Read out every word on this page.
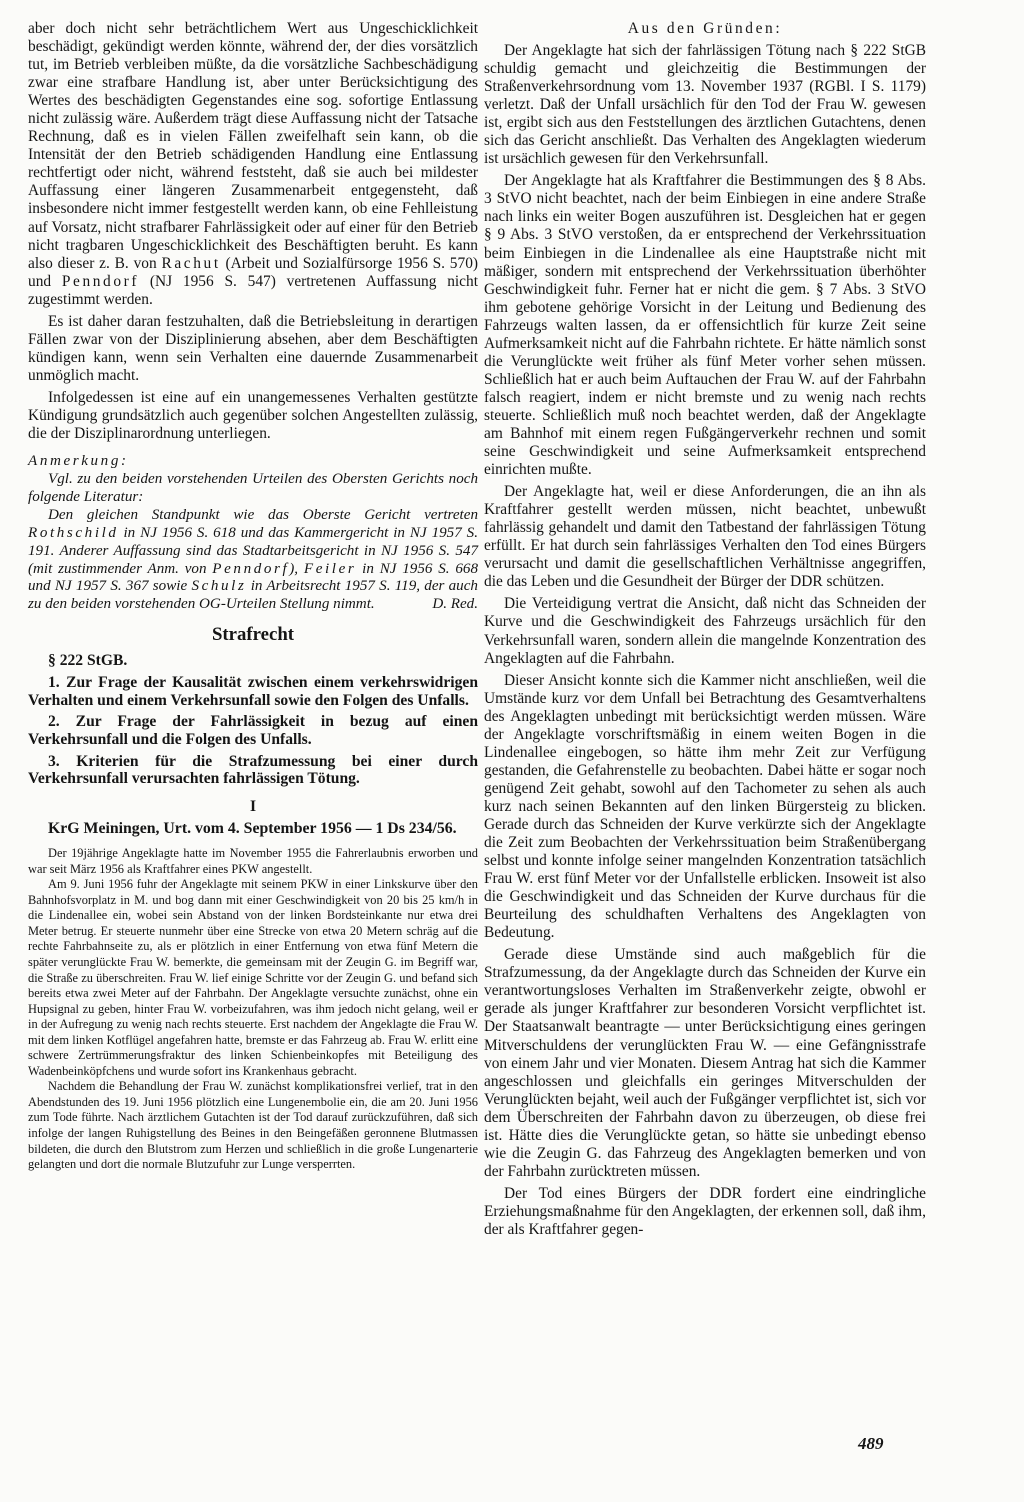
aber doch nicht sehr beträchtlichem Wert aus Ungeschicklichkeit beschädigt, gekündigt werden könnte, während der, der dies vorsätzlich tut, im Betrieb verbleiben müßte, da die vorsätzliche Sachbeschädigung zwar eine strafbare Handlung ist, aber unter Berücksichtigung des Wertes des beschädigten Gegenstandes eine sog. sofortige Entlassung nicht zulässig wäre. Außerdem trägt diese Auffassung nicht der Tatsache Rechnung, daß es in vielen Fällen zweifelhaft sein kann, ob die Intensität der den Betrieb schädigenden Handlung eine Entlassung rechtfertigt oder nicht, während feststeht, daß sie auch bei mildester Auffassung einer längeren Zusammenarbeit entgegensteht, daß insbesondere nicht immer festgestellt werden kann, ob eine Fehlleistung auf Vorsatz, nicht strafbarer Fahrlässigkeit oder auf einer für den Betrieb nicht tragbaren Ungeschicklichkeit des Beschäftigten beruht. Es kann also dieser z. B. von Rachut (Arbeit und Sozialfürsorge 1956 S. 570) und Penndorf (NJ 1956 S. 547) vertretenen Auffassung nicht zugestimmt werden.

Es ist daher daran festzuhalten, daß die Betriebsleitung in derartigen Fällen zwar von der Disziplinierung absehen, aber dem Beschäftigten kündigen kann, wenn sein Verhalten eine dauernde Zusammenarbeit unmöglich macht.

Infolgedessen ist eine auf ein unangemessenes Verhalten gestützte Kündigung grundsätzlich auch gegenüber solchen Angestellten zulässig, die der Disziplinarordnung unterliegen.

Anmerkung:

Vgl. zu den beiden vorstehenden Urteilen des Obersten Gerichts noch folgende Literatur:

Den gleichen Standpunkt wie das Oberste Gericht vertreten Rothschild in NJ 1956 S. 618 und das Kammergericht in NJ 1957 S. 191. Anderer Auffassung sind das Stadtarbeitsgericht in NJ 1956 S. 547 (mit zustimmender Anm. von Penndorf), Feiler in NJ 1956 S. 668 und NJ 1957 S. 367 sowie Schulz in Arbeitsrecht 1957 S. 119, der auch zu den beiden vorstehenden OG-Urteilen Stellung nimmt.	D. Red.

Strafrecht

§ 222 StGB.

1. Zur Frage der Kausalität zwischen einem verkehrswidrigen Verhalten und einem Verkehrsunfall sowie den Folgen des Unfalls.

2. Zur Frage der Fahrlässigkeit in bezug auf einen Verkehrsunfall und die Folgen des Unfalls.

3. Kriterien für die Strafzumessung bei einer durch Verkehrsunfall verursachten fahrlässigen Tötung.

I

KrG Meiningen, Urt. vom 4. September 1956 — 1 Ds 234/56.

Der 19jährige Angeklagte hatte im November 1955 die Fahrerlaubnis erworben und war seit März 1956 als Kraftfahrer eines PKW angestellt.

Am 9. Juni 1956 fuhr der Angeklagte mit seinem PKW in einer Linkskurve über den Bahnhofsvorplatz in M. und bog dann mit einer Geschwindigkeit von 20 bis 25 km/h in die Lindenallee ein, wobei sein Abstand von der linken Bordsteinkante nur etwa drei Meter betrug. Er steuerte nunmehr über eine Strecke von etwa 20 Metern schräg auf die rechte Fahrbahnseite zu, als er plötzlich in einer Entfernung von etwa fünf Metern die später verunglückte Frau W. bemerkte, die gemeinsam mit der Zeugin G. im Begriff war, die Straße zu überschreiten. Frau W. lief einige Schritte vor der Zeugin G. und befand sich bereits etwa zwei Meter auf der Fahrbahn. Der Angeklagte versuchte zunächst, ohne ein Hupsignal zu geben, hinter Frau W. vorbeizufahren, was ihm jedoch nicht gelang, weil er in der Aufregung zu wenig nach rechts steuerte. Erst nachdem der Angeklagte die Frau W. mit dem linken Kotflügel angefahren hatte, bremste er das Fahrzeug ab. Frau W. erlitt eine schwere Zertrümmerungsfraktur des linken Schienbeinkopfes mit Beteiligung des Wadenbeinköpfchens und wurde sofort ins Krankenhaus gebracht.

Nachdem die Behandlung der Frau W. zunächst komplikationsfrei verlief, trat in den Abendstunden des 19. Juni 1956 plötzlich eine Lungenembolie ein, die am 20. Juni 1956 zum Tode führte. Nach ärztlichem Gutachten ist der Tod darauf zurückzuführen, daß sich infolge der langen Ruhigstellung des Beines in den Beingefäßen geronnene Blutmassen bildeten, die durch den Blutstrom zum Herzen und schließlich in die große Lungenarterie gelangten und dort die normale Blutzufuhr zur Lunge versperrten.

Aus den Gründen:

Der Angeklagte hat sich der fahrlässigen Tötung nach § 222 StGB schuldig gemacht und gleichzeitig die Bestimmungen der Straßenverkehrsordnung vom 13. November 1937 (RGBl. I S. 1179) verletzt. Daß der Unfall ursächlich für den Tod der Frau W. gewesen ist, ergibt sich aus den Feststellungen des ärztlichen Gutachtens, denen sich das Gericht anschließt. Das Verhalten des Angeklagten wiederum ist ursächlich gewesen für den Verkehrsunfall.

Der Angeklagte hat als Kraftfahrer die Bestimmungen des § 8 Abs. 3 StVO nicht beachtet, nach der beim Einbiegen in eine andere Straße nach links ein weiter Bogen auszuführen ist. Desgleichen hat er gegen § 9 Abs. 3 StVO verstoßen, da er entsprechend der Verkehrssituation beim Einbiegen in die Lindenallee als eine Hauptstraße nicht mit mäßiger, sondern mit entsprechend der Verkehrssituation überhöhter Geschwindigkeit fuhr. Ferner hat er nicht die gem. § 7 Abs. 3 StVO ihm gebotene gehörige Vorsicht in der Leitung und Bedienung des Fahrzeugs walten lassen, da er offensichtlich für kurze Zeit seine Aufmerksamkeit nicht auf die Fahrbahn richtete. Er hätte nämlich sonst die Verunglückte weit früher als fünf Meter vorher sehen müssen. Schließlich hat er auch beim Auftauchen der Frau W. auf der Fahrbahn falsch reagiert, indem er nicht bremste und zu wenig nach rechts steuerte. Schließlich muß noch beachtet werden, daß der Angeklagte am Bahnhof mit einem regen Fußgängerverkehr rechnen und somit seine Geschwindigkeit und seine Aufmerksamkeit entsprechend einrichten mußte.

Der Angeklagte hat, weil er diese Anforderungen, die an ihn als Kraftfahrer gestellt werden müssen, nicht beachtet, unbewußt fahrlässig gehandelt und damit den Tatbestand der fahrlässigen Tötung erfüllt. Er hat durch sein fahrlässiges Verhalten den Tod eines Bürgers verursacht und damit die gesellschaftlichen Verhältnisse angegriffen, die das Leben und die Gesundheit der Bürger der DDR schützen.

Die Verteidigung vertrat die Ansicht, daß nicht das Schneiden der Kurve und die Geschwindigkeit des Fahrzeugs ursächlich für den Verkehrsunfall waren, sondern allein die mangelnde Konzentration des Angeklagten auf die Fahrbahn.

Dieser Ansicht konnte sich die Kammer nicht anschließen, weil die Umstände kurz vor dem Unfall bei Betrachtung des Gesamtverhaltens des Angeklagten unbedingt mit berücksichtigt werden müssen. Wäre der Angeklagte vorschriftsmäßig in einem weiten Bogen in die Lindenallee eingebogen, so hätte ihm mehr Zeit zur Verfügung gestanden, die Gefahrenstelle zu beobachten. Dabei hätte er sogar noch genügend Zeit gehabt, sowohl auf den Tachometer zu sehen als auch kurz nach seinen Bekannten auf den linken Bürgersteig zu blicken. Gerade durch das Schneiden der Kurve verkürzte sich der Angeklagte die Zeit zum Beobachten der Verkehrssituation beim Straßenübergang selbst und konnte infolge seiner mangelnden Konzentration tatsächlich Frau W. erst fünf Meter vor der Unfallstelle erblicken. Insoweit ist also die Geschwindigkeit und das Schneiden der Kurve durchaus für die Beurteilung des schuldhaften Verhaltens des Angeklagten von Bedeutung.

Gerade diese Umstände sind auch maßgeblich für die Strafzumessung, da der Angeklagte durch das Schneiden der Kurve ein verantwortungsloses Verhalten im Straßenverkehr zeigte, obwohl er gerade als junger Kraftfahrer zur besonderen Vorsicht verpflichtet ist. Der Staatsanwalt beantragte — unter Berücksichtigung eines geringen Mitverschuldens der verunglückten Frau W. — eine Gefängnisstrafe von einem Jahr und vier Monaten. Diesem Antrag hat sich die Kammer angeschlossen und gleichfalls ein geringes Mitverschulden der Verunglückten bejaht, weil auch der Fußgänger verpflichtet ist, sich vor dem Überschreiten der Fahrbahn davon zu überzeugen, ob diese frei ist. Hätte dies die Verunglückte getan, so hätte sie unbedingt ebenso wie die Zeugin G. das Fahrzeug des Angeklagten bemerken und von der Fahrbahn zurücktreten müssen.

Der Tod eines Bürgers der DDR fordert eine eindringliche Erziehungsmaßnahme für den Angeklagten, der erkennen soll, daß ihm, der als Kraftfahrer gegen-

489
